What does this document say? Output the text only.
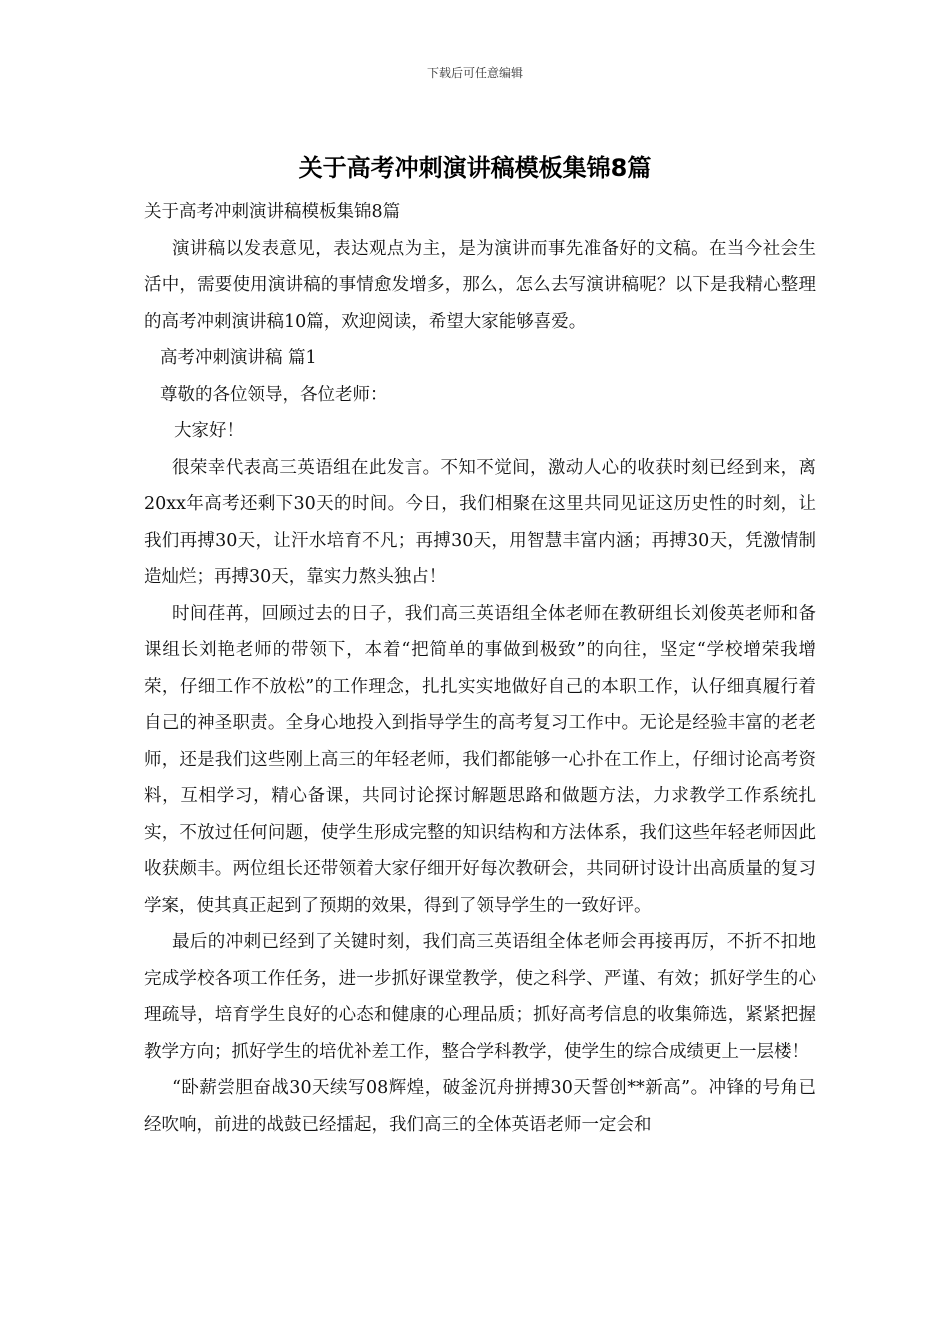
下载后可任意编辑
关于高考冲刺演讲稿模板集锦8篇

关于高考冲刺演讲稿模板集锦8篇

演讲稿以发表意见，表达观点为主，是为演讲而事先准备好的文稿。在当今社会生活中，需要使用演讲稿的事情愈发增多，那么，怎么去写演讲稿呢？以下是我精心整理的高考冲刺演讲稿10篇，欢迎阅读，希望大家能够喜爱。

高考冲刺演讲稿 篇1

尊敬的各位领导，各位老师：

大家好！

很荣幸代表高三英语组在此发言。不知不觉间，激动人心的收获时刻已经到来，离20xx年高考还剩下30天的时间。今日，我们相聚在这里共同见证这历史性的时刻，让我们再搏30天，让汗水培育不凡；再搏30天，用智慧丰富内涵；再搏30天，凭激情制造灿烂；再搏30天，靠实力熬头独占！

时间荏苒，回顾过去的日子，我们高三英语组全体老师在教研组长刘俊英老师和备课组长刘艳老师的带领下，本着“把简单的事做到极致”的向往，坚定“学校增荣我增荣，仔细工作不放松”的工作理念，扎扎实实地做好自己的本职工作，认仔细真履行着自己的神圣职责。全身心地投入到指导学生的高考复习工作中。无论是经验丰富的老老师，还是我们这些刚上高三的年轻老师，我们都能够一心扑在工作上，仔细讨论高考资料，互相学习，精心备课，共同讨论探讨解题思路和做题方法，力求教学工作系统扎实，不放过任何问题，使学生形成完整的知识结构和方法体系，我们这些年轻老师因此收获颇丰。两位组长还带领着大家仔细开好每次教研会，共同研讨设计出高质量的复习学案，使其真正起到了预期的效果，得到了领导学生的一致好评。

最后的冲刺已经到了关键时刻，我们高三英语组全体老师会再接再厉，不折不扣地完成学校各项工作任务，进一步抓好课堂教学，使之科学、严谨、有效；抓好学生的心理疏导，培育学生良好的心态和健康的心理品质；抓好高考信息的收集筛选，紧紧把握教学方向；抓好学生的培优补差工作，整合学科教学，使学生的综合成绩更上一层楼！

“卧薪尝胆奋战30天续写08辉煌，破釜沉舟拼搏30天誓创**新高”。冲锋的号角已经吹响，前进的战鼓已经擂起，我们高三的全体英语老师一定会和
